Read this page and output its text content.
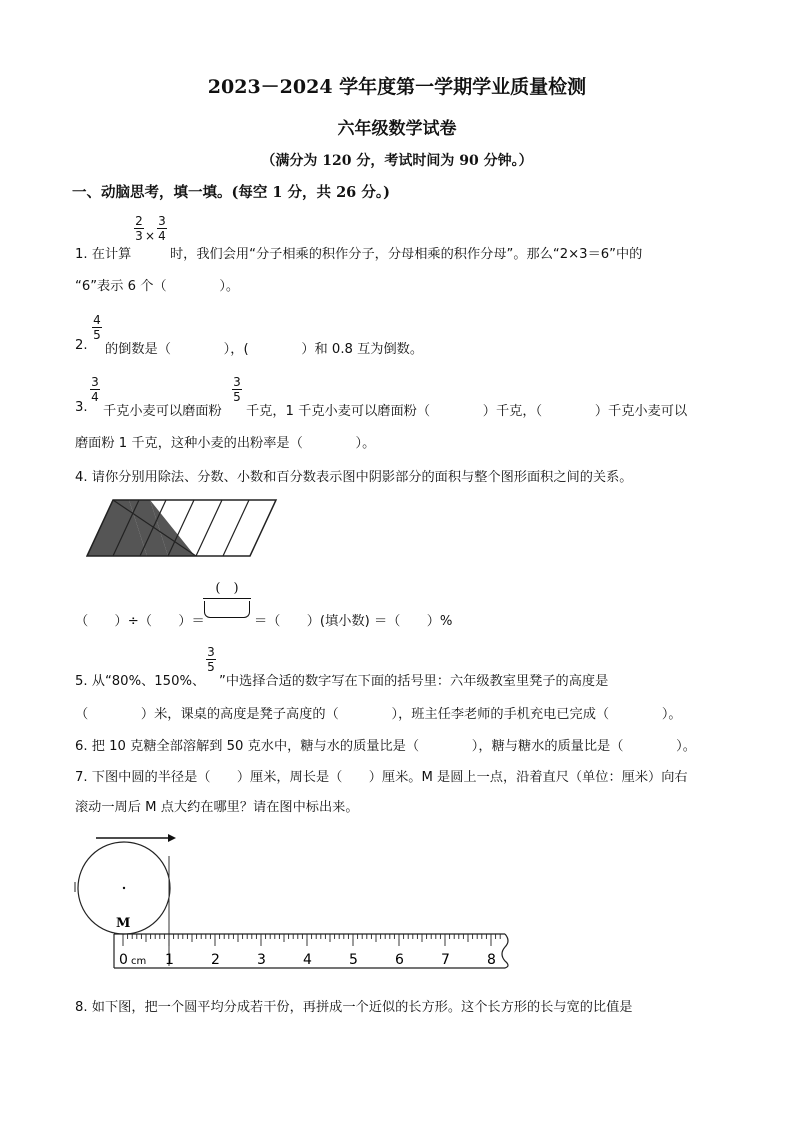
2023－2024 学年度第一学期学业质量检测
六年级数学试卷
（满分为 120 分，考试时间为 90 分钟。）
一、动脑思考，填一填。(每空 1 分，共 26 分。)
2
3 ×
3
4
1. 在计算	时，我们会用“分子相乘的积作分子，分母相乘的积作分母”。那么“2×3＝6”中的
“6”表示 6 个（　　　　）。
2.
4
5
的倒数是（　　　　），(　　　　）和 0.8 互为倒数。
3.
3
4
千克小麦可以磨面粉
3
5
千克，1 千克小麦可以磨面粉（　　　　）千克，（　　　　）千克小麦可以
磨面粉 1 千克，这种小麦的出粉率是（　　　　）。
4. 请你分别用除法、分数、小数和百分数表示图中阴影部分的面积与整个图形面积之间的关系。
（　　）÷（　　）＝
(　)
＝（　　）(填小数) ＝（　　）%
5. 从“80%、150%、
3
5
”中选择合适的数字写在下面的括号里：六年级教室里凳子的高度是
（　　　　）米，课桌的高度是凳子高度的（　　　　），班主任李老师的手机充电已完成（　　　　）。
6. 把 10 克糖全部溶解到 50 克水中，糖与水的质量比是（　　　　），糖与糖水的质量比是（　　　　）。
7. 下图中圆的半径是（　　）厘米，周长是（　　）厘米。M 是圆上一点，沿着直尺（单位：厘米）向右
滚动一周后 M 点大约在哪里？请在图中标出来。
M
0 cm 1	2	3	4	5	6	7	8
8. 如下图，把一个圆平均分成若干份，再拼成一个近似的长方形。这个长方形的长与宽的比值是
